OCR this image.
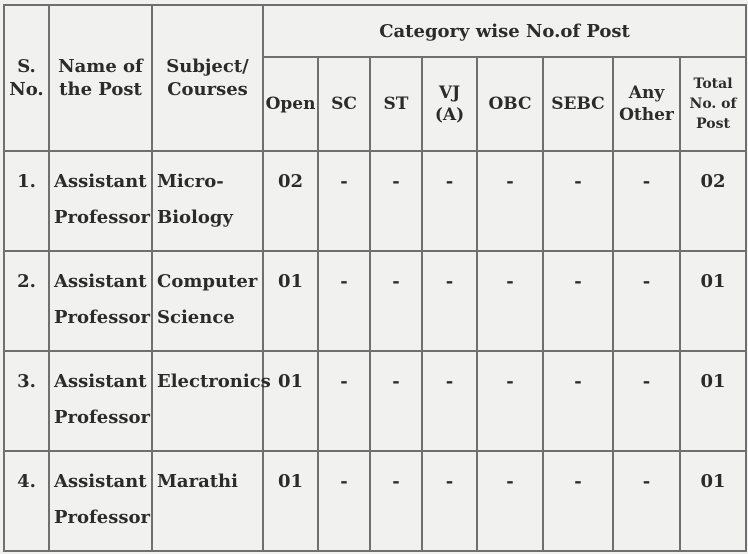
S. No.	Name of the Post	Subject/ Courses	Category wise No.of Post							
			Open	SC	ST	VJ (A)	OBC	SEBC	Any Other	Total No. of Post
1.	Assistant Professor	Micro-Biology	02	-	-	-	-	-	-	02
2.	Assistant Professor	Computer Science	01	-	-	-	-	-	-	01
3.	Assistant Professor	Electronics	01	-	-	-	-	-	-	01
4.	Assistant Professor	Marathi	01	-	-	-	-	-	-	01
